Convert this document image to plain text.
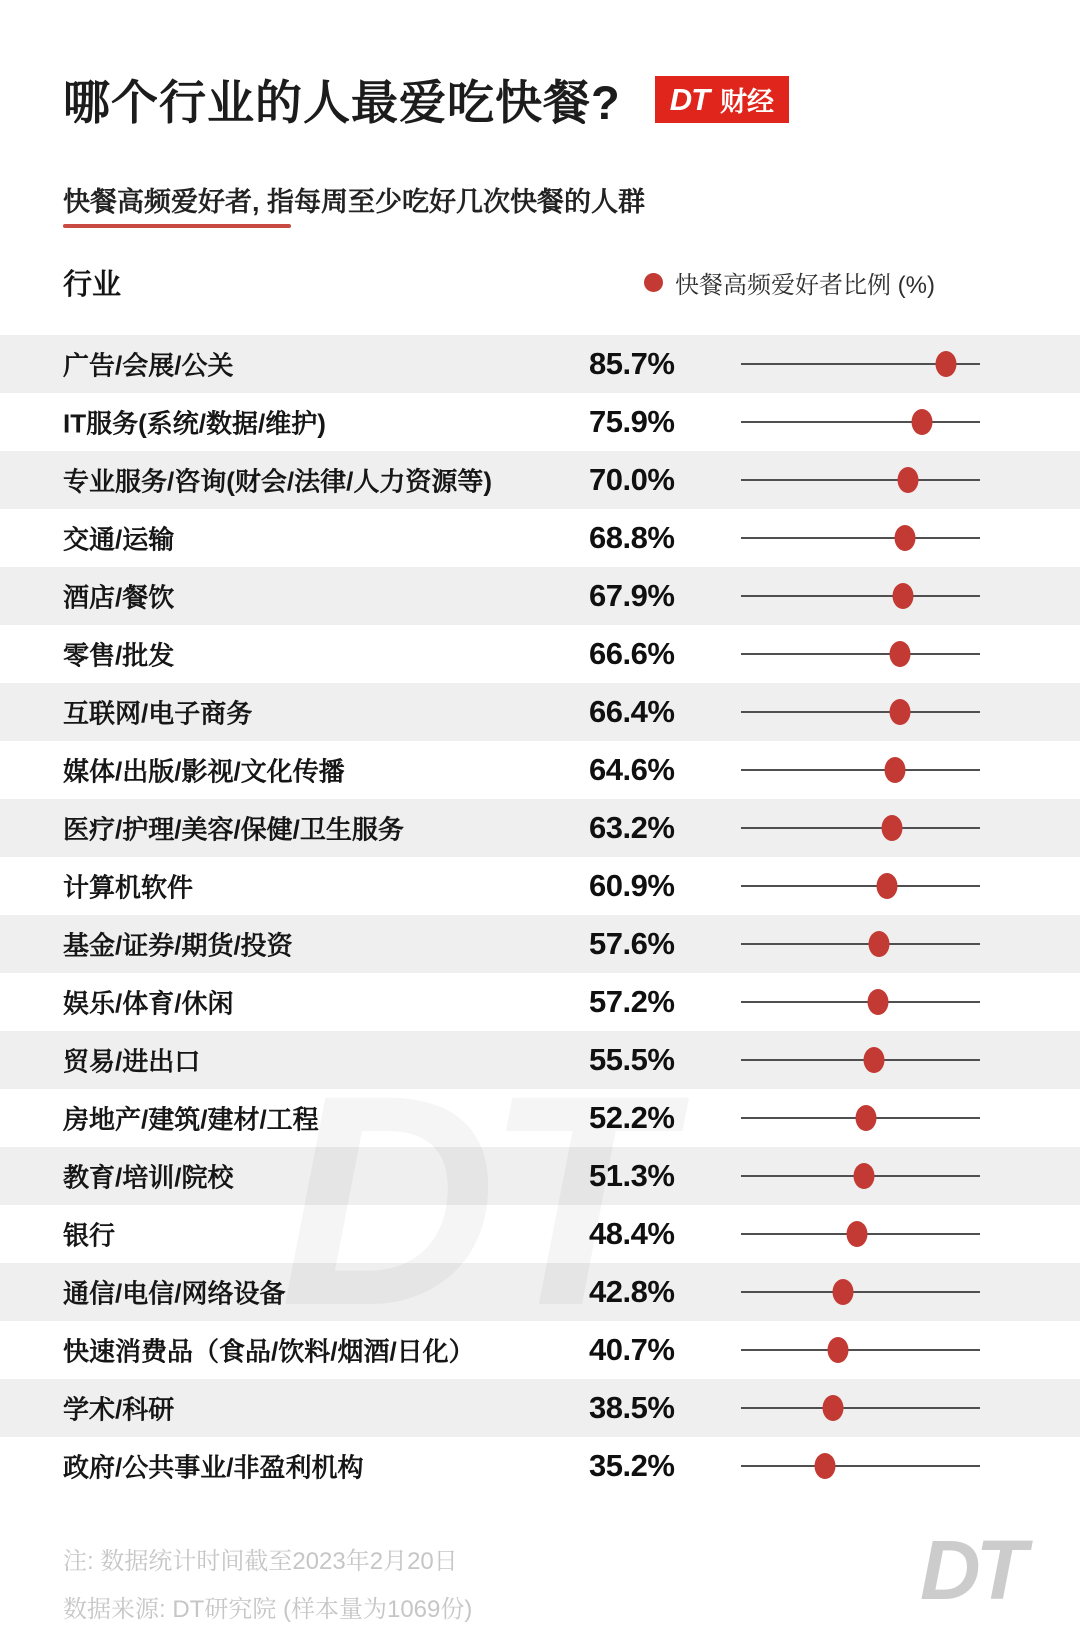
哪个行业的人最爱吃快餐? DT 财经

快餐高频爱好者, 指每周至少吃好几次快餐的人群

行业	快餐高频爱好者比例 (%)
广告/会展/公关	85.7%
IT服务(系统/数据/维护)	75.9%
专业服务/咨询(财会/法律/人力资源等)	70.0%
交通/运输	68.8%
酒店/餐饮	67.9%
零售/批发	66.6%
互联网/电子商务	66.4%
媒体/出版/影视/文化传播	64.6%
医疗/护理/美容/保健/卫生服务	63.2%
计算机软件	60.9%
基金/证券/期货/投资	57.6%
娱乐/体育/休闲	57.2%
贸易/进出口	55.5%
房地产/建筑/建材/工程	52.2%
教育/培训/院校	51.3%
银行	48.4%
通信/电信/网络设备	42.8%
快速消费品（食品/饮料/烟酒/日化）	40.7%
学术/科研	38.5%
政府/公共事业/非盈利机构	35.2%

注: 数据统计时间截至2023年2月20日

数据来源: DT研究院 (样本量为1069份)	DT
